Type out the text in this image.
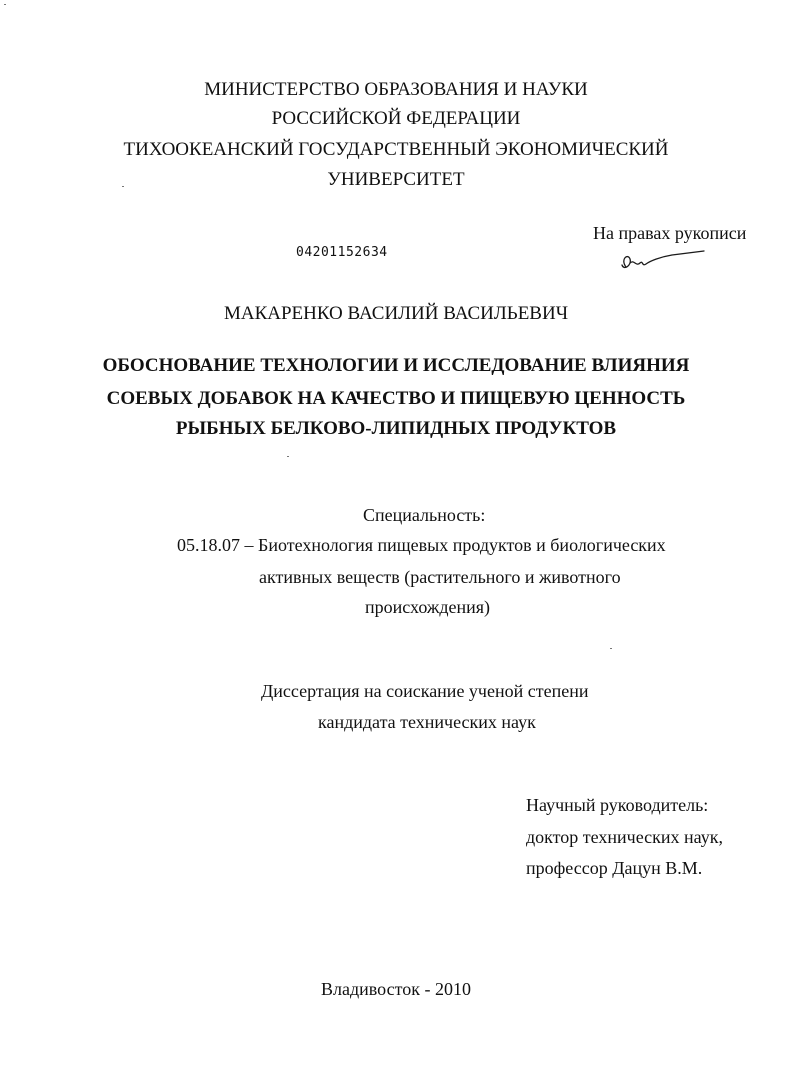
МИНИСТЕРСТВО ОБРАЗОВАНИЯ И НАУКИ

РОССИЙСКОЙ ФЕДЕРАЦИИ

ТИХООКЕАНСКИЙ ГОСУДАРСТВЕННЫЙ ЭКОНОМИЧЕСКИЙ

УНИВЕРСИТЕТ

04201152634

На правах рукописи

МАКАРЕНКО ВАСИЛИЙ ВАСИЛЬЕВИЧ

ОБОСНОВАНИЕ ТЕХНОЛОГИИ И ИССЛЕДОВАНИЕ ВЛИЯНИЯ

СОЕВЫХ ДОБАВОК НА КАЧЕСТВО И ПИЩЕВУЮ ЦЕННОСТЬ

РЫБНЫХ БЕЛКОВО-ЛИПИДНЫХ ПРОДУКТОВ

Специальность:

05.18.07 – Биотехнология пищевых продуктов и биологических

активных веществ (растительного и животного

происхождения)

Диссертация на соискание ученой степени

кандидата технических наук

Научный руководитель:

доктор технических наук,

профессор Дацун В.М.

Владивосток - 2010
